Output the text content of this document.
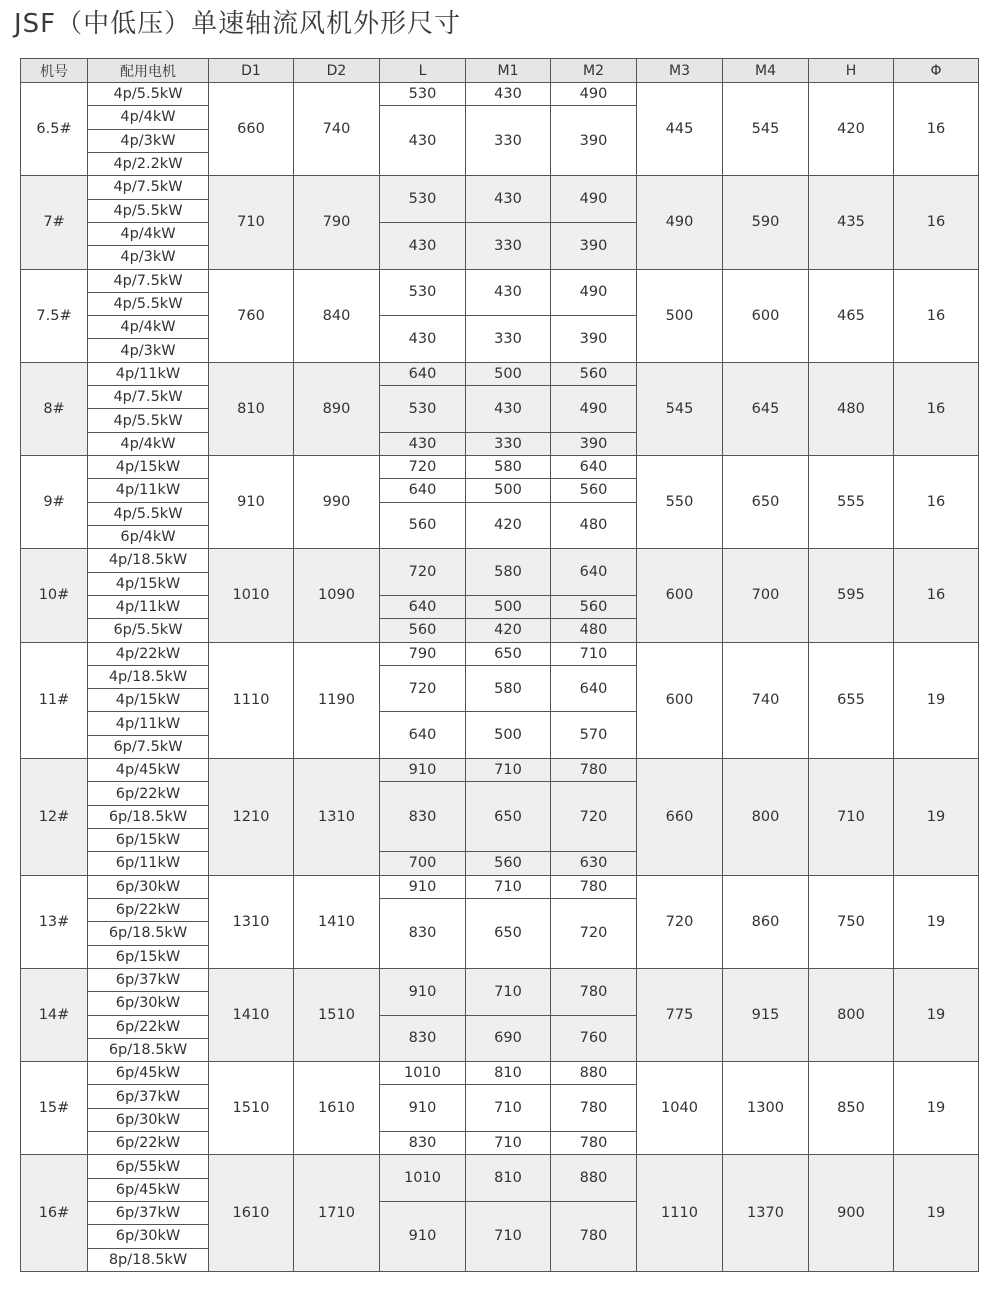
JSF（中低压）单速轴流风机外形尺寸
机号	配用电机	D1	D2	L	M1	M2	M3	M4	H	Φ
6.5#	4p/5.5kW	660	740	530	430	490	445	545	420	16
	4p/4kW			430	330	390				
	4p/3kW									
	4p/2.2kW									
7#	4p/7.5kW	710	790	530	430	490	490	590	435	16
	4p/5.5kW									
	4p/4kW			430	330	390				
	4p/3kW									
7.5#	4p/7.5kW	760	840	530	430	490	500	600	465	16
	4p/5.5kW									
	4p/4kW			430	330	390				
	4p/3kW									
8#	4p/11kW	810	890	640	500	560	545	645	480	16
	4p/7.5kW			530	430	490				
	4p/5.5kW									
	4p/4kW			430	330	390				
9#	4p/15kW	910	990	720	580	640	550	650	555	16
	4p/11kW			640	500	560				
	4p/5.5kW			560	420	480				
	6p/4kW									
10#	4p/18.5kW	1010	1090	720	580	640	600	700	595	16
	4p/15kW									
	4p/11kW			640	500	560				
	6p/5.5kW			560	420	480				
11#	4p/22kW	1110	1190	790	650	710	600	740	655	19
	4p/18.5kW			720	580	640				
	4p/15kW									
	4p/11kW			640	500	570				
	6p/7.5kW									
12#	4p/45kW	1210	1310	910	710	780	660	800	710	19
	6p/22kW			830	650	720				
	6p/18.5kW									
	6p/15kW									
	6p/11kW			700	560	630				
13#	6p/30kW	1310	1410	910	710	780	720	860	750	19
	6p/22kW			830	650	720				
	6p/18.5kW									
	6p/15kW									
14#	6p/37kW	1410	1510	910	710	780	775	915	800	19
	6p/30kW									
	6p/22kW			830	690	760				
	6p/18.5kW									
15#	6p/45kW	1510	1610	1010	810	880	1040	1300	850	19
	6p/37kW			910	710	780				
	6p/30kW									
	6p/22kW			830	710	780				
16#	6p/55kW	1610	1710	1010	810	880	1110	1370	900	19
	6p/45kW									
	6p/37kW			910	710	780				
	6p/30kW									
	8p/18.5kW									
